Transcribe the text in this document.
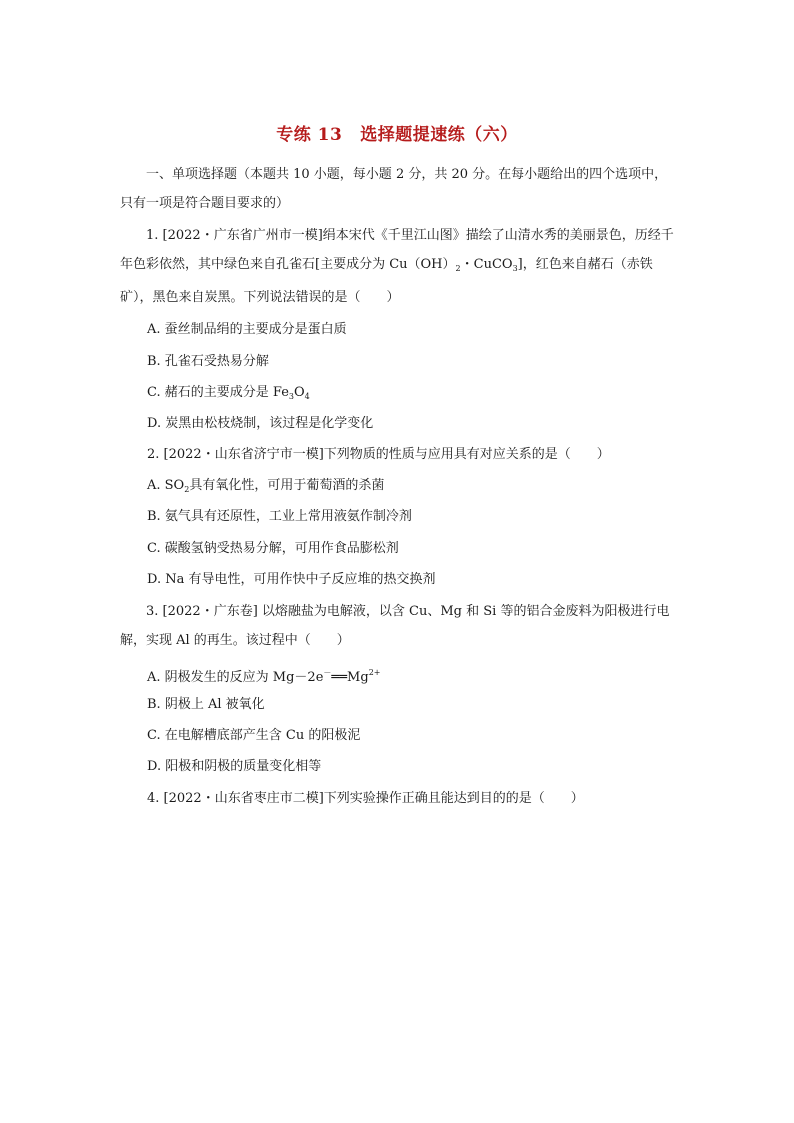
专练 13 选择题提速练（六）

一、单项选择题（本题共 10 小题，每小题 2 分，共 20 分。在每小题给出的四个选项中，只有一项是符合题目要求的）

1. [2022・广东省广州市一模]绢本宋代《千里江山图》描绘了山清水秀的美丽景色，历经千年色彩依然，其中绿色来自孔雀石[主要成分为 $Cu(OH)_2$・CuCO$_3$]，红色来自赭石（赤铁矿），黑色来自炭黑。下列说法错误的是（　　）

A. 蚕丝制品绢的主要成分是蛋白质
B. 孔雀石受热易分解
C. 赭石的主要成分是 $Fe_3O_4$
D. 炭黑由松枝烧制，该过程是化学变化
2. [2022・山东省济宁市一模]下列物质的性质与应用具有对应关系的是（　　）
A. $SO_2$具有氧化性，可用于葡萄酒的杀菌
B. 氨气具有还原性，工业上常用液氨作制冷剂
C. 碳酸氢钠受热易分解，可用作食品膨松剂
D. Na 有导电性，可用作快中子反应堆的热交换剂

3. [2022・广东卷] 以熔融盐为电解液，以含 Cu、Mg 和 Si 等的铝合金废料为阳极进行电解，实现 Al 的再生。该过程中（　　）

A. 阴极发生的反应为 $Mg-2e^-══Mg^{2+}$
B. 阴极上 Al 被氧化
C. 在电解槽底部产生含 Cu 的阳极泥
D. 阳极和阴极的质量变化相等
4. [2022・山东省枣庄市二模]下列实验操作正确且能达到目的的是（　　）
